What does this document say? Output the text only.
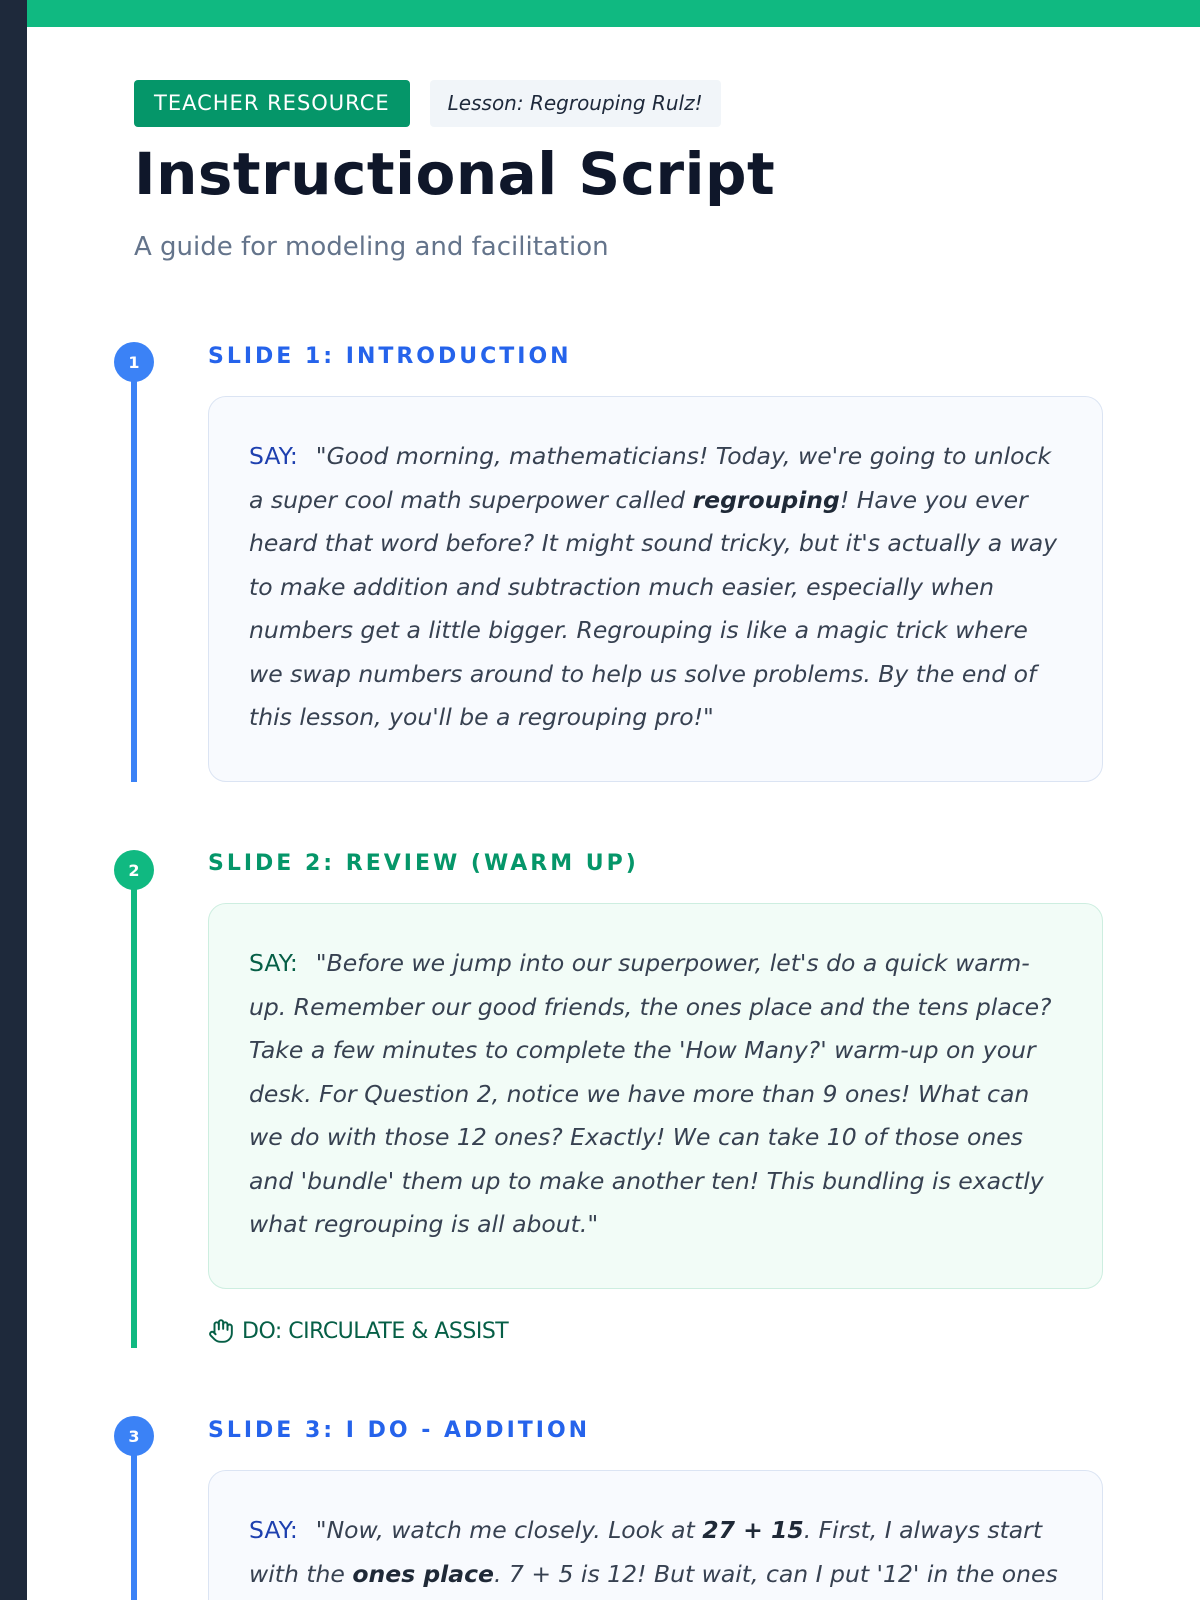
TEACHER RESOURCE	Lesson: Regrouping Rulz!
Instructional Script
A guide for modeling and facilitation
1	SLIDE 1: INTRODUCTION
SAY: "Good morning, mathematicians! Today, we're going to unlock a super cool math superpower called regrouping! Have you ever heard that word before? It might sound tricky, but it's actually a way to make addition and subtraction much easier, especially when numbers get a little bigger. Regrouping is like a magic trick where we swap numbers around to help us solve problems. By the end of this lesson, you'll be a regrouping pro!"
2	SLIDE 2: REVIEW (WARM UP)
SAY: "Before we jump into our superpower, let's do a quick warm-up. Remember our good friends, the ones place and the tens place? Take a few minutes to complete the 'How Many?' warm-up on your desk. For Question 2, notice we have more than 9 ones! What can we do with those 12 ones? Exactly! We can take 10 of those ones and 'bundle' them up to make another ten! This bundling is exactly what regrouping is all about."
DO: CIRCULATE & ASSIST
3	SLIDE 3: I DO - ADDITION
SAY: "Now, watch me closely. Look at 27 + 15. First, I always start with the ones place. 7 + 5 is 12! But wait, can I put '12' in the ones
